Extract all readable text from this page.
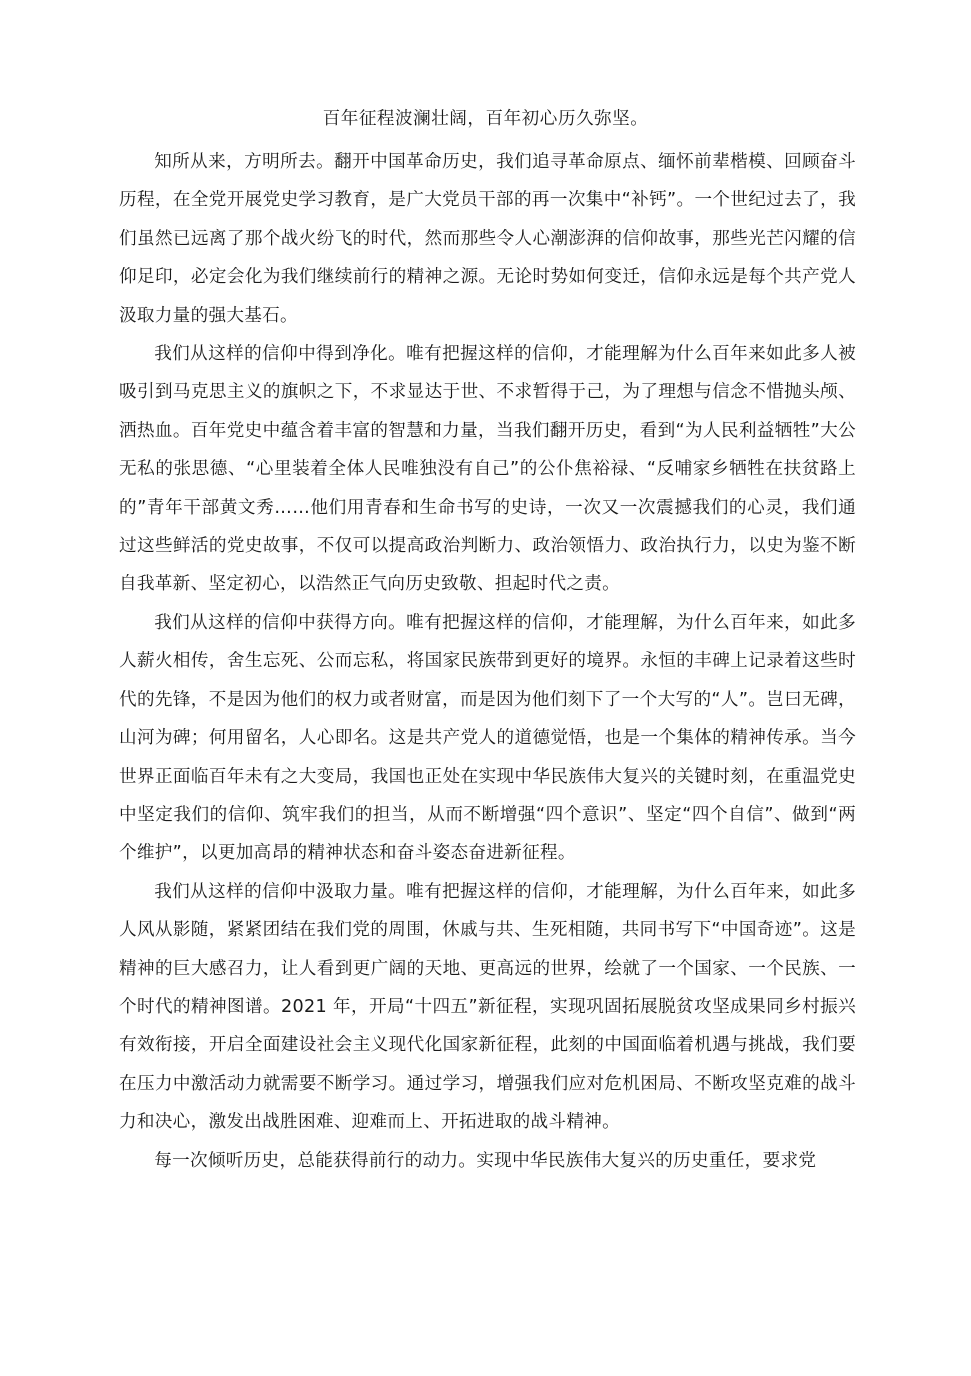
百年征程波澜壮阔，百年初心历久弥坚。

知所从来，方明所去。翻开中国革命历史，我们追寻革命原点、缅怀前辈楷模、回顾奋斗历程，在全党开展党史学习教育，是广大党员干部的再一次集中“补钙”。一个世纪过去了，我们虽然已远离了那个战火纷飞的时代，然而那些令人心潮澎湃的信仰故事，那些光芒闪耀的信仰足印，必定会化为我们继续前行的精神之源。无论时势如何变迁，信仰永远是每个共产党人汲取力量的强大基石。

我们从这样的信仰中得到净化。唯有把握这样的信仰，才能理解为什么百年来如此多人被吸引到马克思主义的旗帜之下，不求显达于世、不求暂得于己，为了理想与信念不惜抛头颅、洒热血。百年党史中蕴含着丰富的智慧和力量，当我们翻开历史，看到“为人民利益牺牲”大公无私的张思德、“心里装着全体人民唯独没有自己”的公仆焦裕禄、“反哺家乡牺牲在扶贫路上的”青年干部黄文秀……他们用青春和生命书写的史诗，一次又一次震撼我们的心灵，我们通过这些鲜活的党史故事，不仅可以提高政治判断力、政治领悟力、政治执行力，以史为鉴不断自我革新、坚定初心，以浩然正气向历史致敬、担起时代之责。

我们从这样的信仰中获得方向。唯有把握这样的信仰，才能理解，为什么百年来，如此多人薪火相传，舍生忘死、公而忘私，将国家民族带到更好的境界。永恒的丰碑上记录着这些时代的先锋，不是因为他们的权力或者财富，而是因为他们刻下了一个大写的“人”。岂曰无碑，山河为碑；何用留名，人心即名。这是共产党人的道德觉悟，也是一个集体的精神传承。当今世界正面临百年未有之大变局，我国也正处在实现中华民族伟大复兴的关键时刻，在重温党史中坚定我们的信仰、筑牢我们的担当，从而不断增强“四个意识”、坚定“四个自信”、做到“两个维护”，以更加高昂的精神状态和奋斗姿态奋进新征程。

我们从这样的信仰中汲取力量。唯有把握这样的信仰，才能理解，为什么百年来，如此多人风从影随，紧紧团结在我们党的周围，休戚与共、生死相随，共同书写下“中国奇迹”。这是精神的巨大感召力，让人看到更广阔的天地、更高远的世界，绘就了一个国家、一个民族、一个时代的精神图谱。2021 年，开局“十四五”新征程，实现巩固拓展脱贫攻坚成果同乡村振兴有效衔接，开启全面建设社会主义现代化国家新征程，此刻的中国面临着机遇与挑战，我们要在压力中激活动力就需要不断学习。通过学习，增强我们应对危机困局、不断攻坚克难的战斗力和决心，激发出战胜困难、迎难而上、开拓进取的战斗精神。

每一次倾听历史，总能获得前行的动力。实现中华民族伟大复兴的历史重任，要求党
